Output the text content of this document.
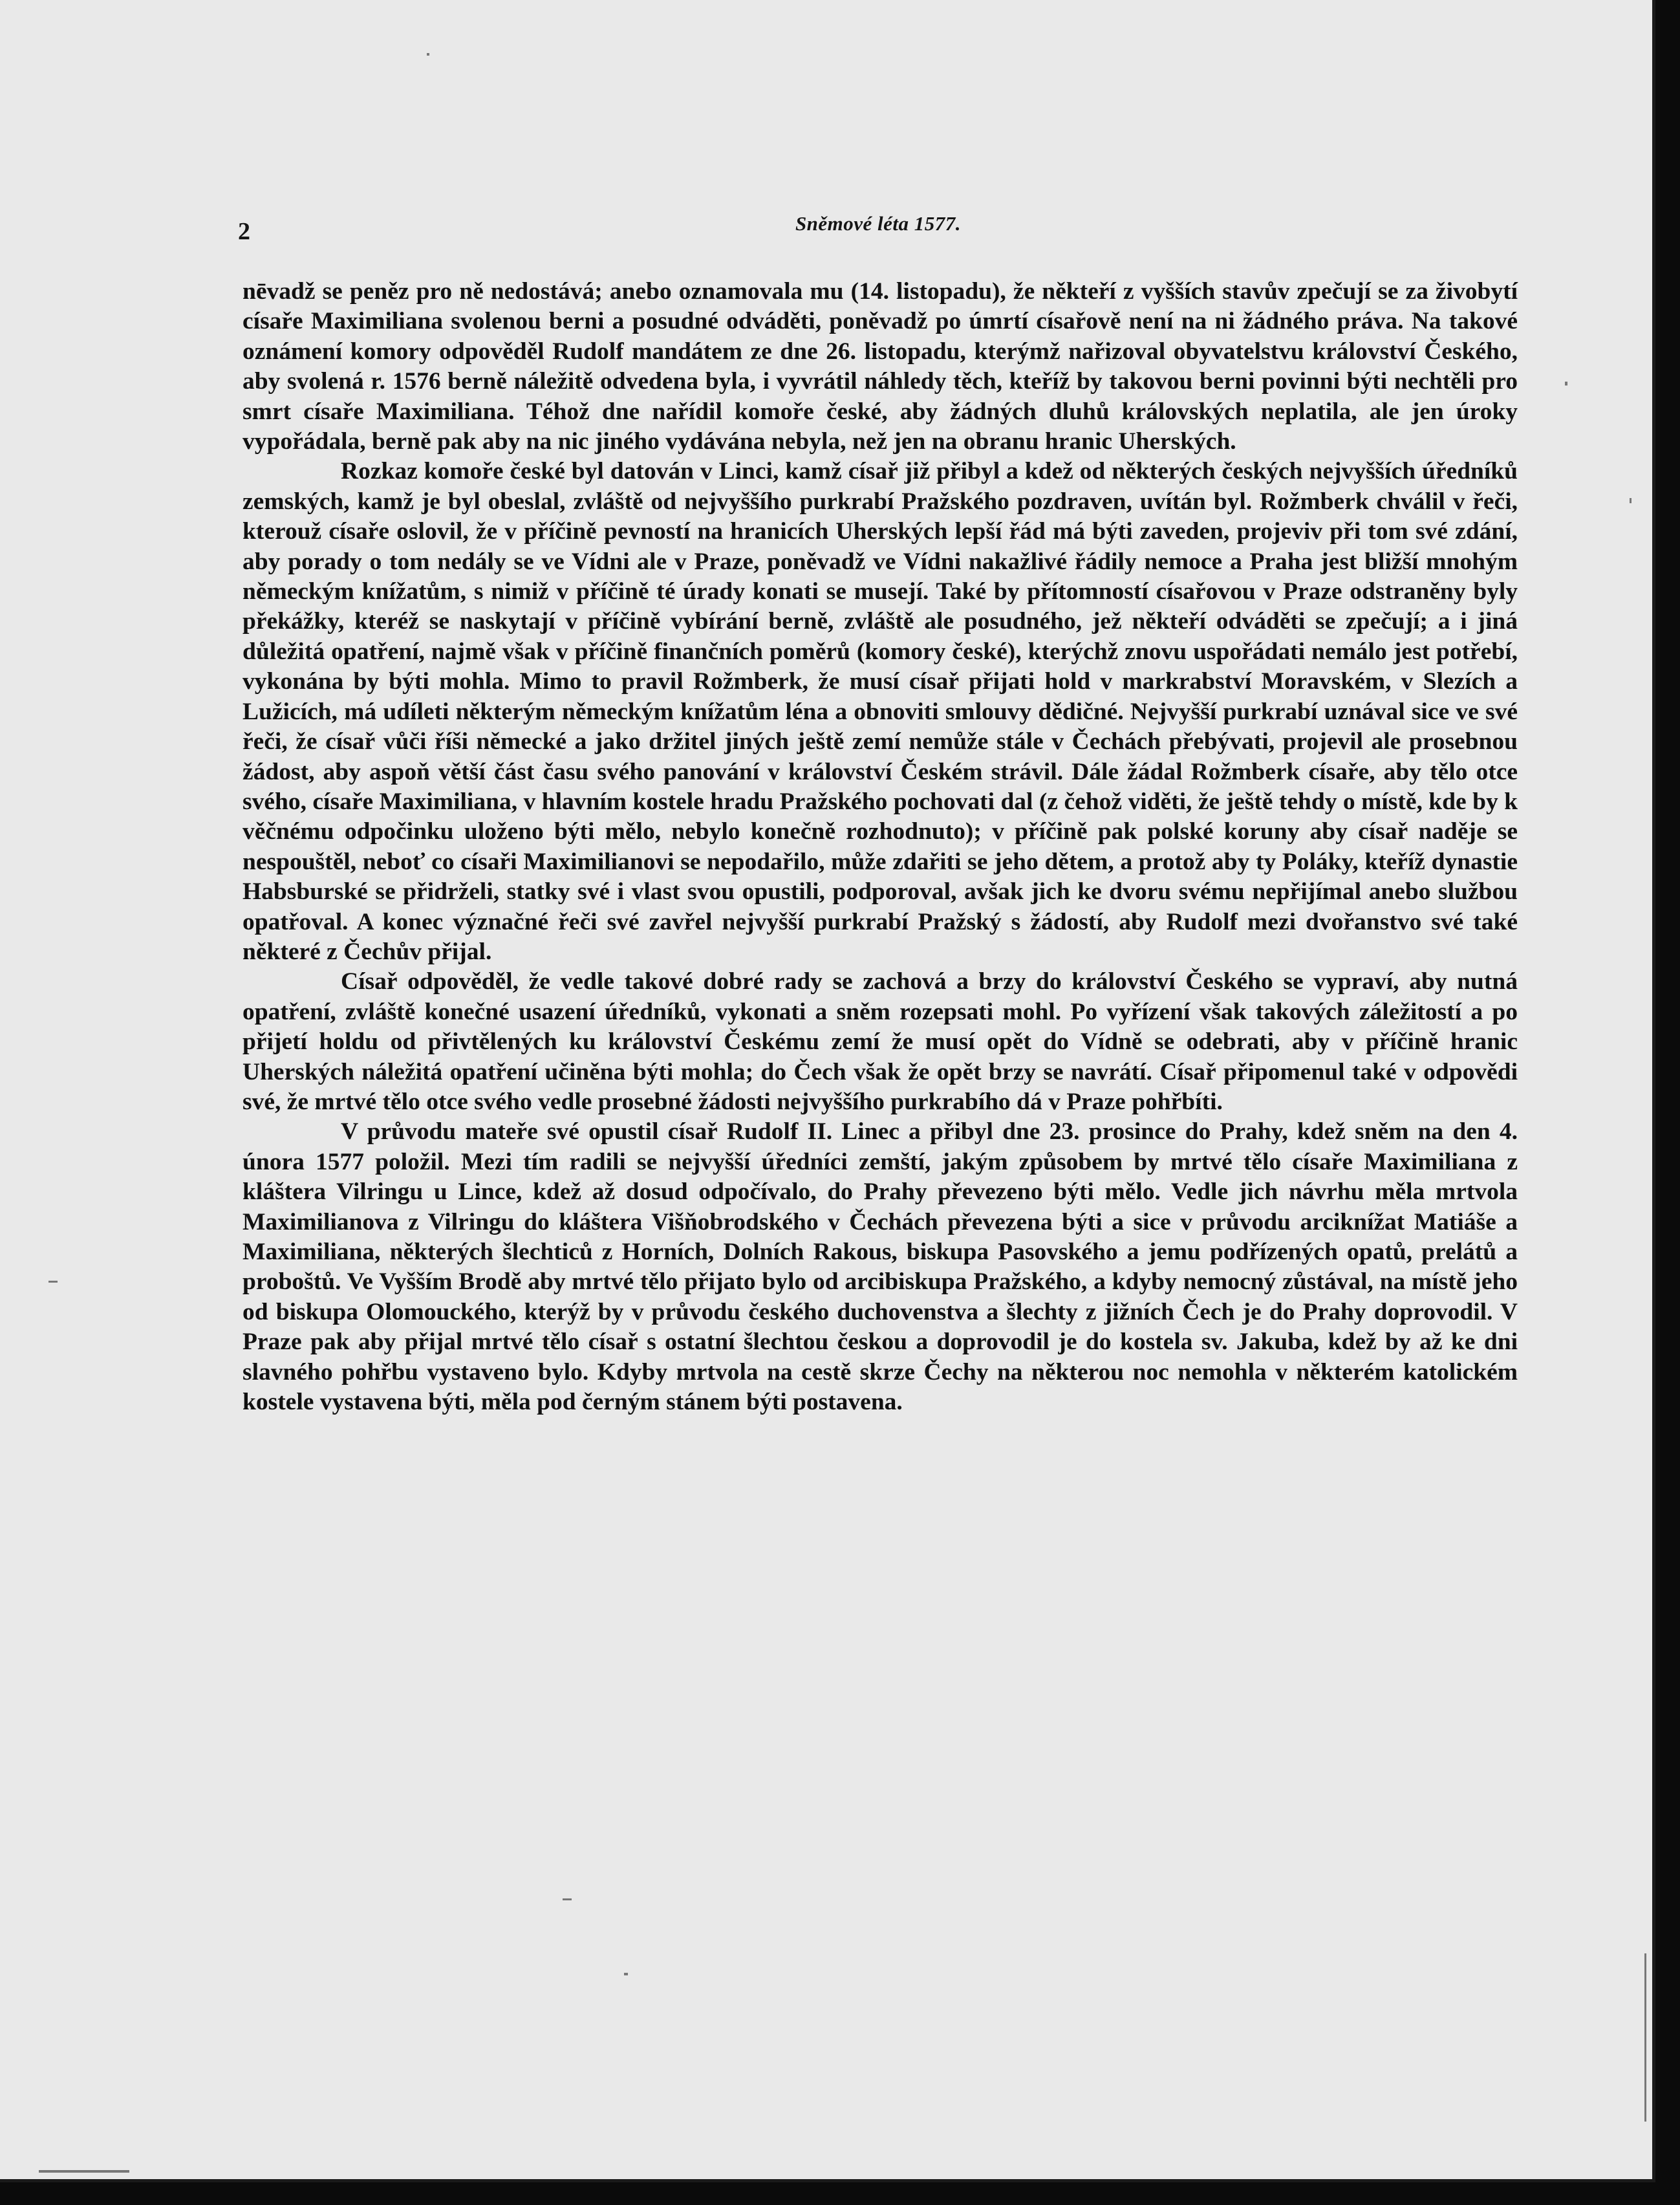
2	Sněmové léta 1577.

nēvadž se peněz pro ně nedostává; anebo oznamovala mu (14. listopadu), že někteří z vyšších stavův zpečují se za živobytí císaře Maximiliana svolenou berni a posudné odváděti, poněvadž po úmrtí císařově není na ni žádného práva. Na takové oznámení komory odpověděl Rudolf mandátem ze dne 26. listopadu, kterýmž nařizoval obyvatelstvu království Českého, aby svolená r. 1576 berně náležitě odvedena byla, i vyvrátil náhledy těch, kteříž by takovou berni povinni býti nechtěli pro smrt císaře Maximiliana. Téhož dne nařídil komoře české, aby žádných dluhů královských neplatila, ale jen úroky vypořádala, berně pak aby na nic jiného vydávána nebyla, než jen na obranu hranic Uherských.

Rozkaz komoře české byl datován v Linci, kamž císař již přibyl a kdež od některých českých nejvyšších úředníků zemských, kamž je byl obeslal, zvláště od nejvyššího purkrabí Pražského pozdraven, uvítán byl. Rožmberk chválil v řeči, kterouž císaře oslovil, že v příčině pevností na hranicích Uherských lepší řád má býti zaveden, projeviv při tom své zdání, aby porady o tom nedály se ve Vídni ale v Praze, poněvadž ve Vídni nakažlivé řádily nemoce a Praha jest bližší mnohým německým knížatům, s nimiž v příčině té úrady konati se musejí. Také by přítomností císařovou v Praze odstraněny byly překážky, kteréž se naskytají v příčině vybírání berně, zvláště ale posudného, jež někteří odváděti se zpečují; a i jiná důležitá opatření, najmě však v příčině finančních poměrů (komory české), kterýchž znovu uspořádati nemálo jest potřebí, vykonána by býti mohla. Mimo to pravil Rožmberk, že musí císař přijati hold v markrabství Moravském, v Slezích a Lužicích, má udíleti některým německým knížatům léna a obnoviti smlouvy dědičné. Nejvyšší purkrabí uznával sice ve své řeči, že císař vůči říši německé a jako držitel jiných ještě zemí nemůže stále v Čechách přebývati, projevil ale prosebnou žádost, aby aspoň větší část času svého panování v království Českém strávil. Dále žádal Rožmberk císaře, aby tělo otce svého, císaře Maximiliana, v hlavním kostele hradu Pražského pochovati dal (z čehož viděti, že ještě tehdy o místě, kde by k věčnému odpočinku uloženo býti mělo, nebylo konečně rozhodnuto); v příčině pak polské koruny aby císař naděje se nespouštěl, neboť co císaři Maximilianovi se nepodařilo, může zdařiti se jeho dětem, a protož aby ty Poláky, kteříž dynastie Habsburské se přidrželi, statky své i vlast svou opustili, podporoval, avšak jich ke dvoru svému nepřijímal anebo službou opatřoval. A konec význačné řeči své zavřel nejvyšší purkrabí Pražský s žádostí, aby Rudolf mezi dvořanstvo své také některé z Čechův přijal.

Císař odpověděl, že vedle takové dobré rady se zachová a brzy do království Českého se vypraví, aby nutná opatření, zvláště konečné usazení úředníků, vykonati a sněm rozepsati mohl. Po vyřízení však takových záležitostí a po přijetí holdu od přivtělených ku království Českému zemí že musí opět do Vídně se odebrati, aby v příčině hranic Uherských náležitá opatření učiněna býti mohla; do Čech však že opět brzy se navrátí. Císař připomenul také v odpovědi své, že mrtvé tělo otce svého vedle prosebné žádosti nejvyššího purkrabího dá v Praze pohřbíti.

V průvodu mateře své opustil císař Rudolf II. Linec a přibyl dne 23. prosince do Prahy, kdež sněm na den 4. února 1577 položil. Mezi tím radili se nejvyšší úředníci zemští, jakým způsobem by mrtvé tělo císaře Maximiliana z kláštera Vilringu u Lince, kdež až dosud odpočívalo, do Prahy převezeno býti mělo. Vedle jich návrhu měla mrtvola Maximilianova z Vilringu do kláštera Višňobrodského v Čechách převezena býti a sice v průvodu arciknížat Matiáše a Maximiliana, některých šlechticů z Horních, Dolních Rakous, biskupa Pasovského a jemu podřízených opatů, prelátů a proboštů. Ve Vyšším Brodě aby mrtvé tělo přijato bylo od arcibiskupa Pražského, a kdyby nemocný zůstával, na místě jeho od biskupa Olomouckého, kterýž by v průvodu českého duchovenstva a šlechty z jižních Čech je do Prahy doprovodil. V Praze pak aby přijal mrtvé tělo císař s ostatní šlechtou českou a doprovodil je do kostela sv. Jakuba, kdež by až ke dni slavného pohřbu vystaveno bylo. Kdyby mrtvola na cestě skrze Čechy na některou noc nemohla v některém katolickém kostele vystavena býti, měla pod černým stánem býti postavena.
